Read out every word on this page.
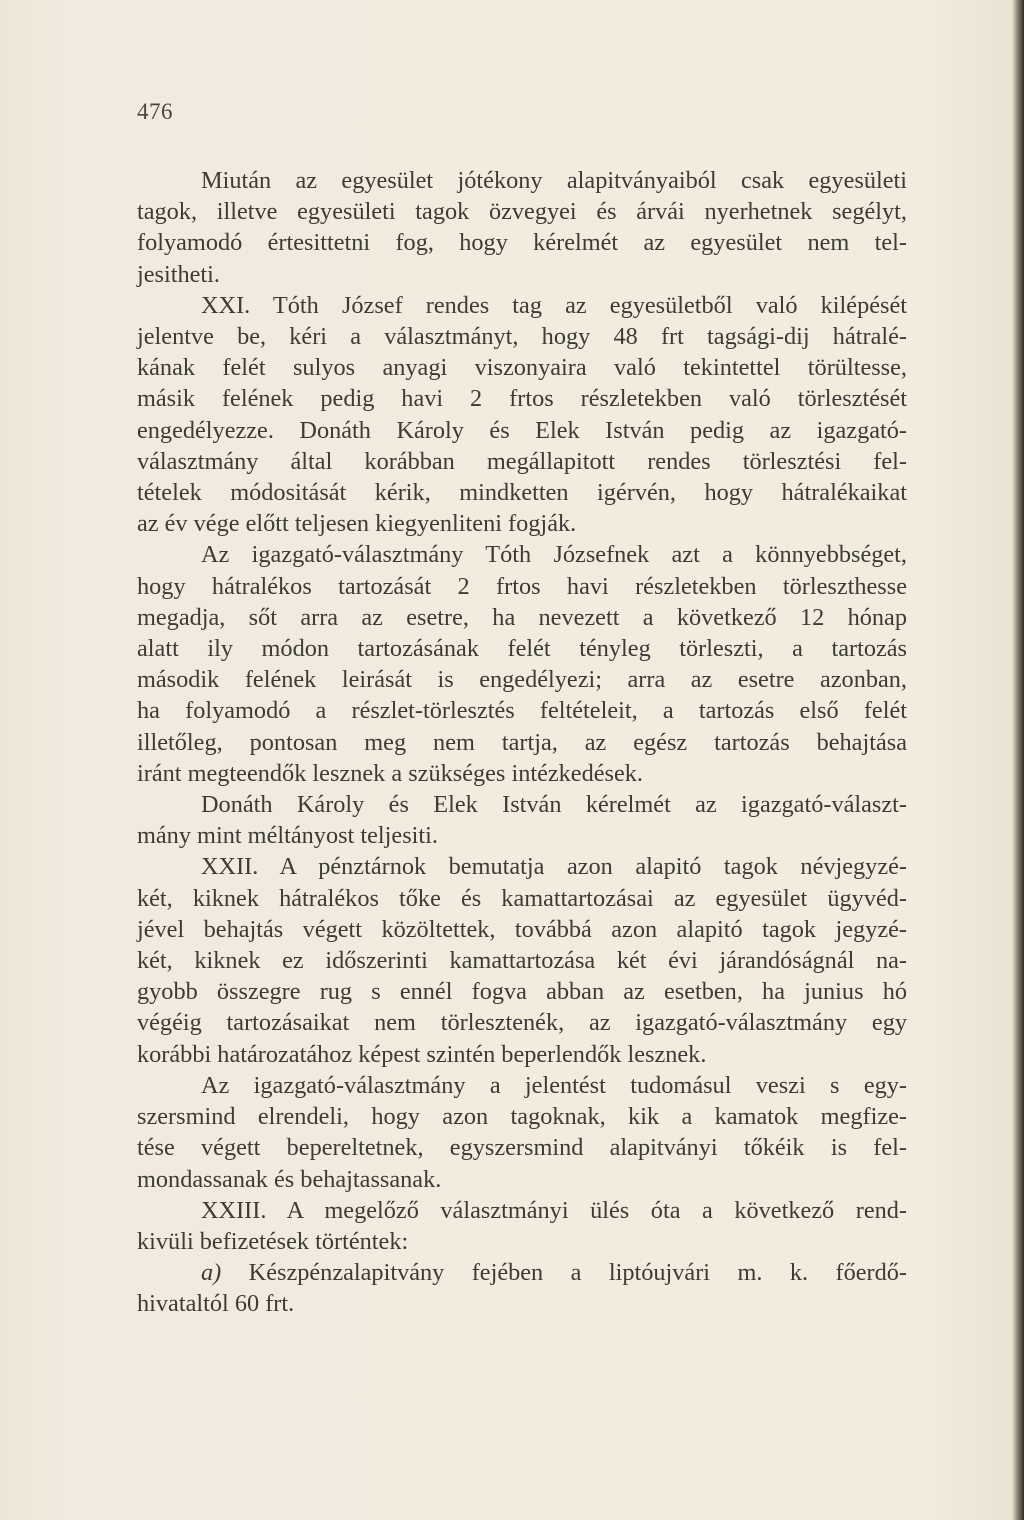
476
Miután az egyesület jótékony alapitványaiból csak egyesületi
tagok, illetve egyesületi tagok özvegyei és árvái nyerhetnek segélyt,
folyamodó értesittetni fog, hogy kérelmét az egyesület nem tel-
jesitheti.
XXI. Tóth József rendes tag az egyesületből való kilépését
jelentve be, kéri a választmányt, hogy 48 frt tagsági-dij hátralé-
kának felét sulyos anyagi viszonyaira való tekintettel törültesse,
másik felének pedig havi 2 frtos részletekben való törlesztését
engedélyezze. Donáth Károly és Elek István pedig az igazgató-
választmány által korábban megállapitott rendes törlesztési fel-
tételek módositását kérik, mindketten igérvén, hogy hátralékaikat
az év vége előtt teljesen kiegyenliteni fogják.
Az igazgató-választmány Tóth Józsefnek azt a könnyebbséget,
hogy hátralékos tartozását 2 frtos havi részletekben törleszthesse
megadja, sőt arra az esetre, ha nevezett a következő 12 hónap
alatt ily módon tartozásának felét tényleg törleszti, a tartozás
második felének leirását is engedélyezi; arra az esetre azonban,
ha folyamodó a részlet-törlesztés feltételeit, a tartozás első felét
illetőleg, pontosan meg nem tartja, az egész tartozás behajtása
iránt megteendők lesznek a szükséges intézkedések.
Donáth Károly és Elek István kérelmét az igazgató-választ-
mány mint méltányost teljesiti.
XXII. A pénztárnok bemutatja azon alapitó tagok névjegyzé-
két, kiknek hátralékos tőke és kamattartozásai az egyesület ügyvéd-
jével behajtás végett közöltettek, továbbá azon alapitó tagok jegyzé-
két, kiknek ez időszerinti kamattartozása két évi járandóságnál na-
gyobb összegre rug s ennél fogva abban az esetben, ha junius hó
végéig tartozásaikat nem törlesztenék, az igazgató-választmány egy
korábbi határozatához képest szintén beperlendők lesznek.
Az igazgató-választmány a jelentést tudomásul veszi s egy-
szersmind elrendeli, hogy azon tagoknak, kik a kamatok megfize-
tése végett bepereltetnek, egyszersmind alapitványi tőkéik is fel-
mondassanak és behajtassanak.
XXIII. A megelőző választmányi ülés óta a következő rend-
kivüli befizetések történtek:
a) Készpénzalapitvány fejében a liptóujvári m. k. főerdő-
hivataltól 60 frt.
